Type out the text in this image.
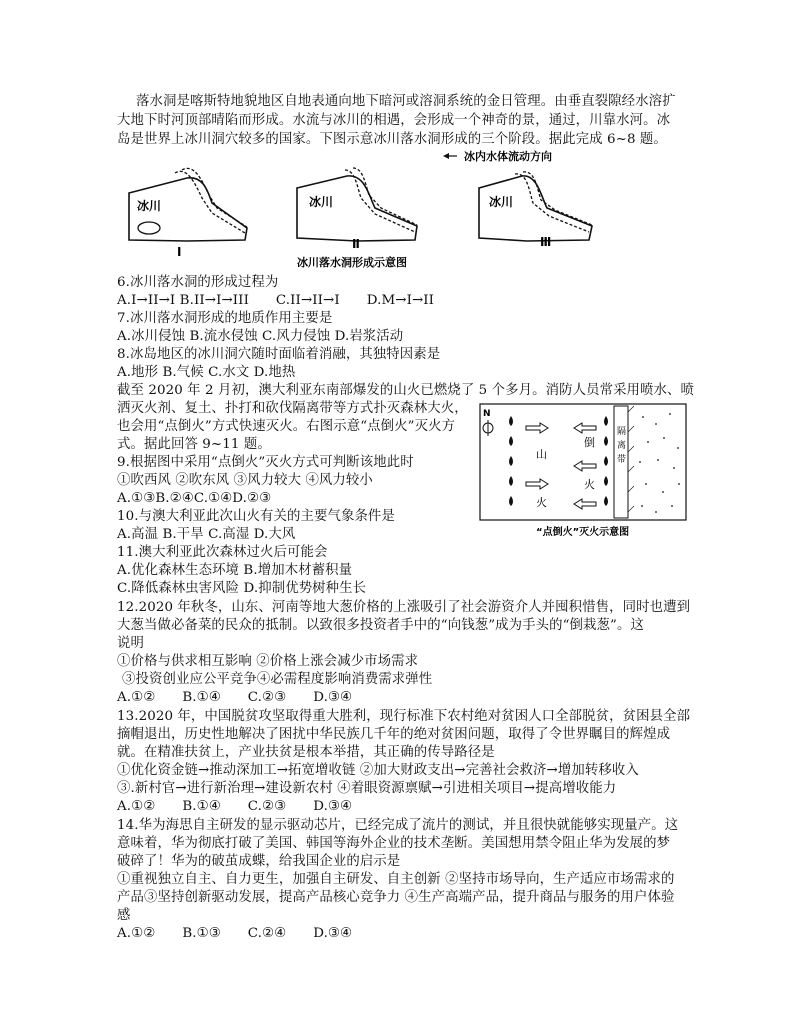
落水洞是喀斯特地貌地区自地表通向地下暗河或溶洞系统的金日管理。由垂直裂隙经水溶扩
大地下时河顶部晴陷而形成。水流与冰川的相遇，会形成一个神奇的景，通过，川靠水河。冰
岛是世界上冰川洞穴较多的国家。下图示意冰川落水洞形成的三个阶段。据此完成 6~8 题。
冰内水体流动方向
冰川
I
冰川
Ⅱ
冰川
Ⅲ
冰川落水洞形成示意图
6.冰川落水洞的形成过程为
A.I→II→I B.II→I→III　　C.II→II→I　　D.M→I→II
7.冰川落水洞形成的地质作用主要是
A.冰川侵蚀 B.流水侵蚀 C.风力侵蚀 D.岩浆活动
8.冰岛地区的冰川洞穴随时面临着消融，其独特因素是
A.地形 B.气候 C.水文 D.地热
截至 2020 年 2 月初，澳大利亚东南部爆发的山火已燃烧了 5 个多月。消防人员常采用喷水、喷
洒灭火剂、复土、扑打和砍伐隔离带等方式扑灭森林大火，
也会用“点倒火”方式快速灭火。右图示意“点倒火”灭火方
式。据此回答 9~11 题。
N
山
火
倒
火
隔
离
带
“点倒火”灭火示意图
9.根据图中采用“点倒火”灭火方式可判断该地此时
①吹西风 ②吹东风 ③风力较大 ④风力较小
A.①③B.②④C.①④D.②③
10.与澳大利亚此次山火有关的主要气象条件是
A.高温 B.干旱 C.高湿 D.大风
11.澳大利亚此次森林过火后可能会
A.优化森林生态环境 B.增加木材蓄积量
C.降低森林虫害风险 D.抑制优势树种生长
12.2020 年秋冬，山东、河南等地大葱价格的上涨吸引了社会游资介人并囤积惜售，同时也遭到
大葱当做必备菜的民众的抵制。以致很多投资者手中的“向钱葱”成为手头的“倒栽葱”。这
说明
①价格与供求相互影响 ②价格上涨会减少市场需求
③投资创业应公平竞争④必需程度影响消费需求弹性
A.①②　　B.①④　　C.②③　　D.③④
13.2020 年，中国脱贫攻坚取得重大胜利，现行标准下农村绝对贫困人口全部脱贫，贫困县全部
摘帽退出，历史性地解决了困扰中华民族几千年的绝对贫困问题，取得了令世界瞩目的辉煌成
就。在精准扶贫上，产业扶贫是根本举措，其正确的传导路径是
①优化资金链→推动深加工→拓宽增收链 ②加大财政支出→完善社会救济→增加转移收入
③.新村官→进行新治理→建设新农村 ④着眼资源禀赋→引进相关项目→提高增收能力
A.①②　　B.①④　　C.②③　　D.③④
14.华为海思自主研发的显示驱动芯片，已经完成了流片的测试，并且很快就能够实现量产。这
意味着，华为彻底打破了美国、韩国等海外企业的技术垄断。美国想用禁令阻止华为发展的梦
破碎了！华为的破茧成蝶，给我国企业的启示是
①重视独立自主、自力更生，加强自主研发、自主创新 ②坚持市场导向，生产适应市场需求的
产品③坚持创新驱动发展，提高产品核心竞争力 ④生产高端产品，提升商品与服务的用户体验
感
A.①②　　B.①③　　C.②④　　D.③④
